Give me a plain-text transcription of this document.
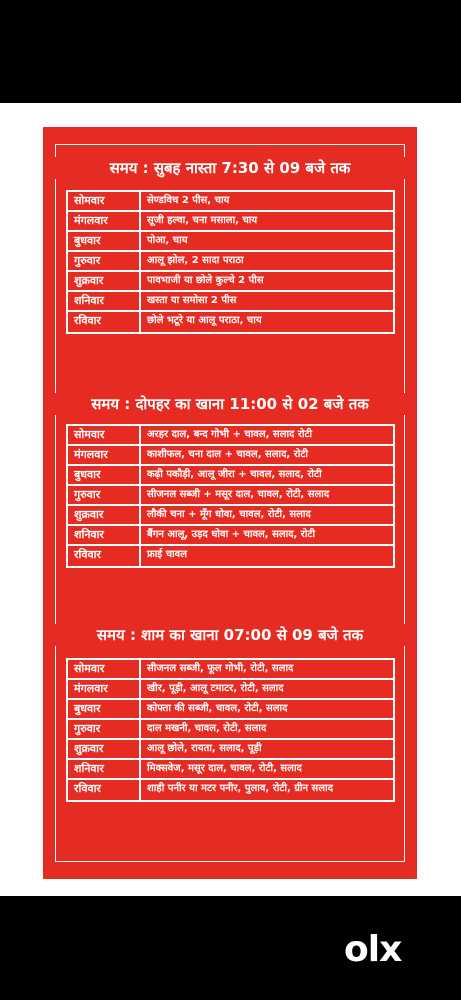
समय : सुबह नास्ता 7:30 से 09 बजे तक
सोमवार	सेण्डविच 2 पीस, चाय
मंगलवार	सूजी हल्वा, चना मसाला, चाय
बुधवार	पोआ, चाय
गुरुवार	आलू झोल, 2 सादा पराठा
शुक्रवार	पावभाजी या छोले कुल्चे 2 पीस
शनिवार	खस्ता या समोसा 2 पीस
रविवार	छोले भटूरे या आलू पराठा, चाय
समय : दोपहर का खाना 11:00 से 02 बजे तक
सोमवार	अरहर दाल, बन्द गोभी + चावल, सलाद रोटी
मंगलवार	काशीफल, चना दाल + चावल, सलाद, रोटी
बुधवार	कढ़ी पकौड़ी, आलू जीरा + चावल, सलाद, रोटी
गुरुवार	सीजनल सब्जी + मसूर दाल, चावल, रोटी, सलाद
शुक्रवार	लौकी चना + मूँग धोवा, चावल, रोटी, सलाद
शनिवार	बैंगन आलू, उड़द धोवा + चावल, सलाद, रोटी
रविवार	फ्राई चावल
समय : शाम का खाना 07:00 से 09 बजे तक
सोमवार	सीजनल सब्जी, फूल गोभी, रोटी, सलाद
मंगलवार	खीर, पूड़ी, आलू टमाटर, रोटी, सलाद
बुधवार	कोफ्ता की सब्जी, चावल, रोटी, सलाद
गुरुवार	दाल मखनी, चावल, रोटी, सलाद
शुक्रवार	आलू छोले, रायता, सलाद, पूड़ी
शनिवार	मिक्सवेज, मसूर दाल, चावल, रोटी, सलाद
रविवार	शाही पनीर या मटर पनीर, पुलाव, रोटी, ग्रीन सलाद
olx
